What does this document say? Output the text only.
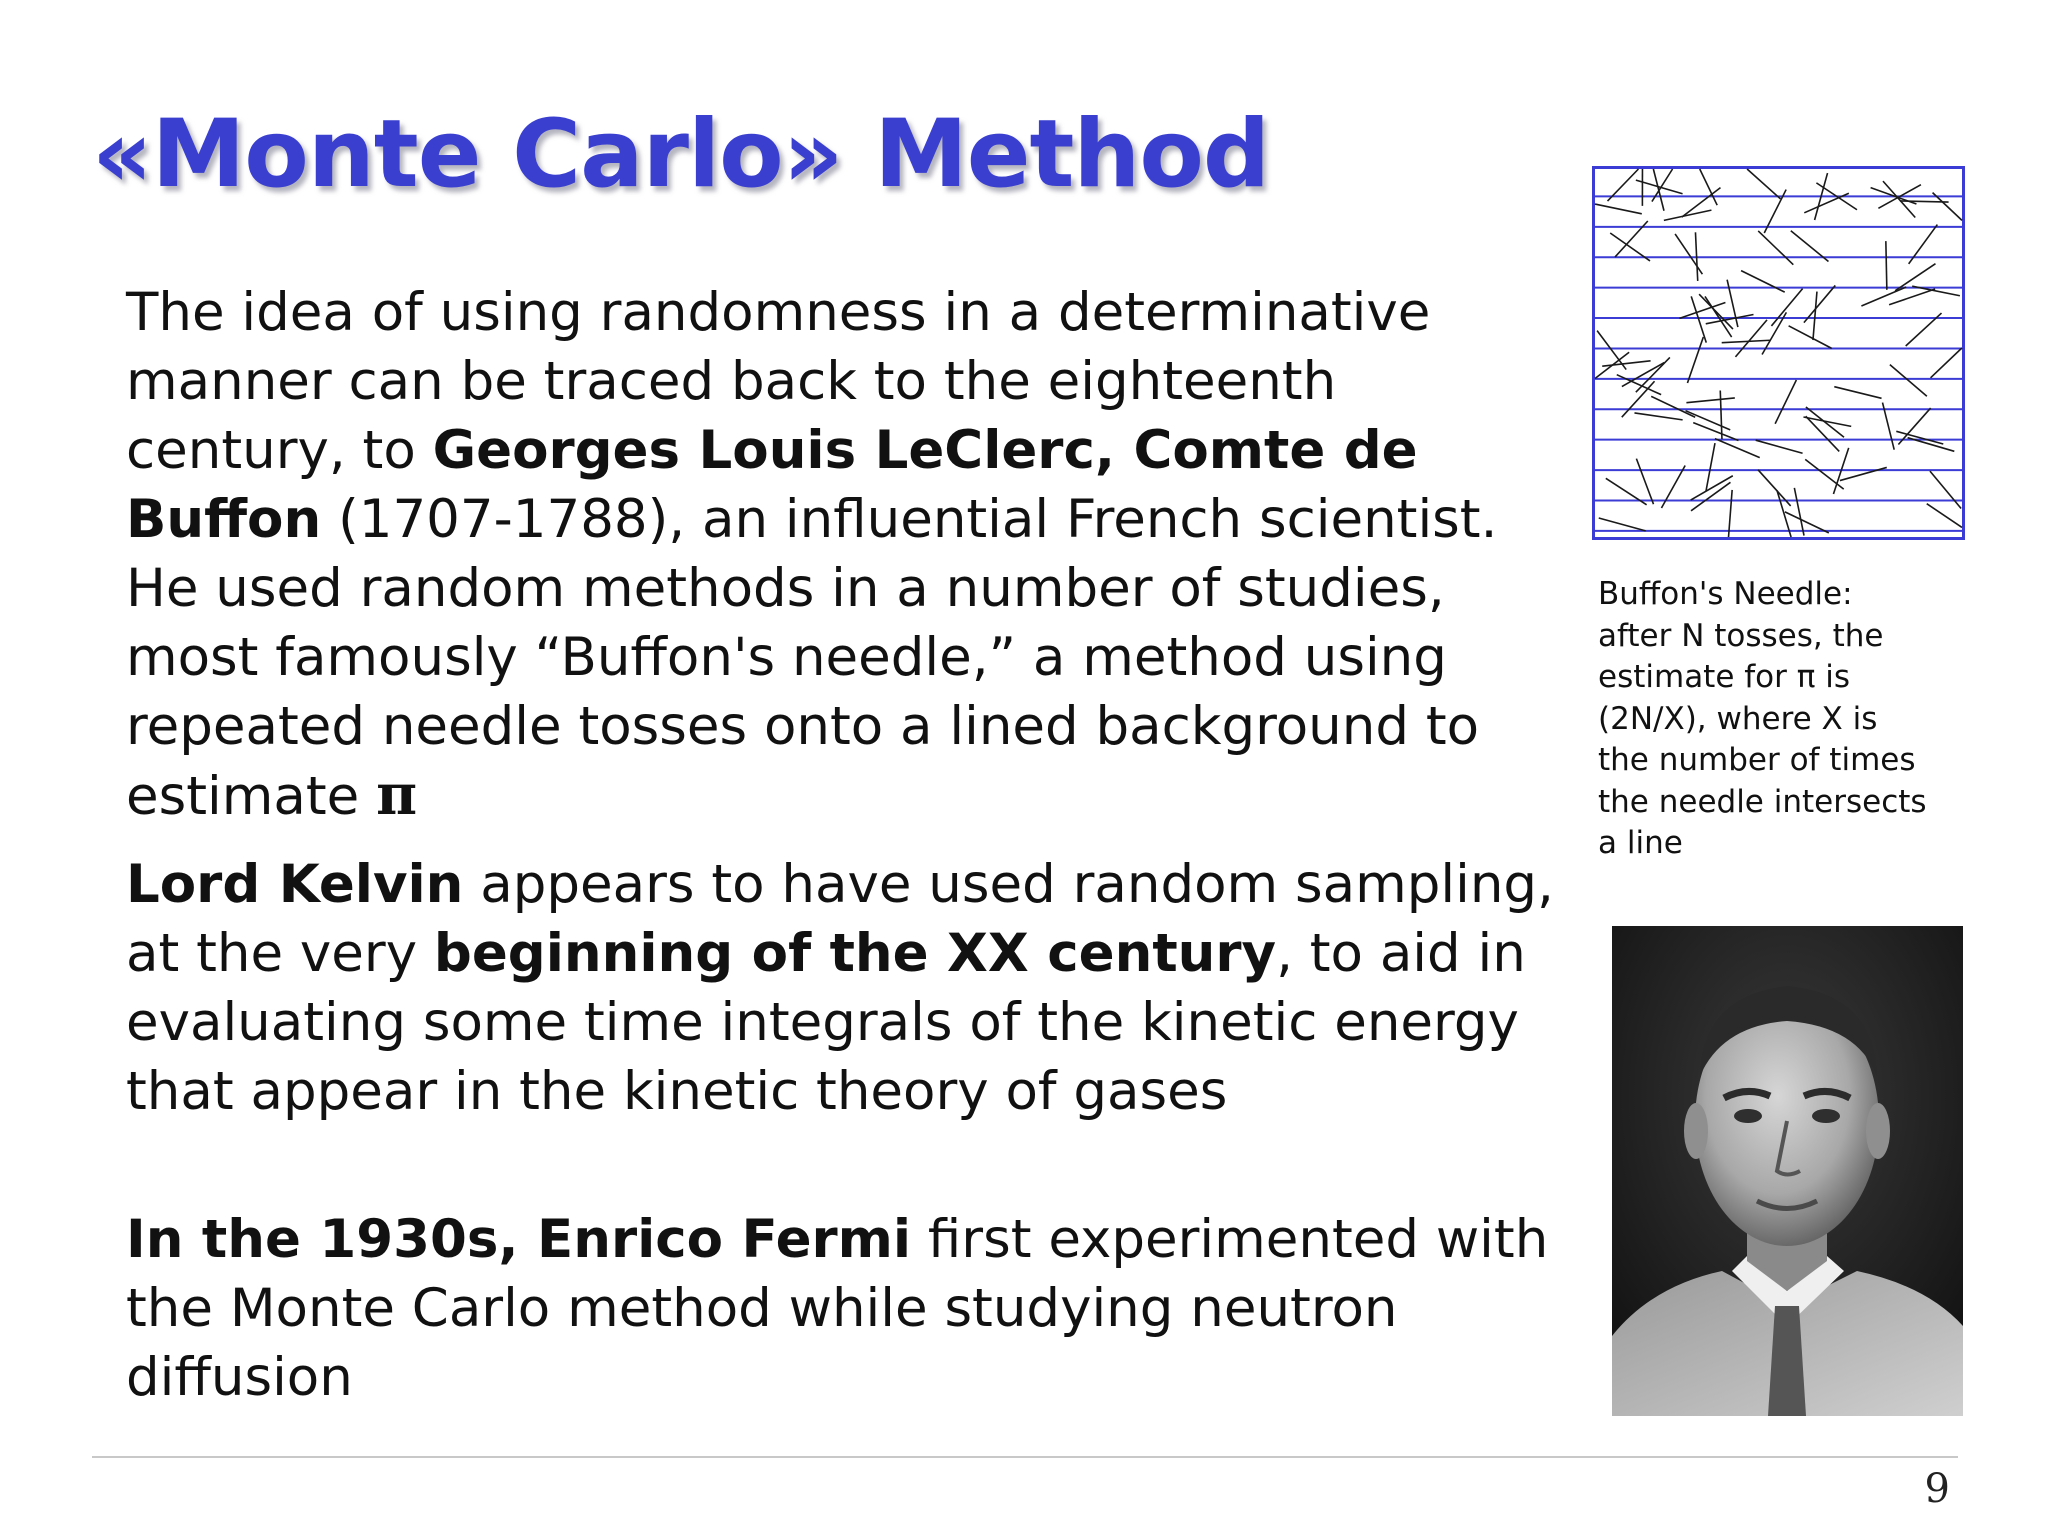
«Monte Carlo» Method
The idea of using randomness in a determinative manner can be traced back to the eighteenth century, to Georges Louis LeClerc, Comte de Buffon (1707-1788), an influential French scientist. He used random methods in a number of studies, most famously “Buffon's needle,” a method using repeated needle tosses onto a lined background to estimate π
Lord Kelvin appears to have used random sampling, at the very beginning of the XX century, to aid in evaluating some time integrals of the kinetic energy that appear in the kinetic theory of gases
In the 1930s, Enrico Fermi first experimented with the Monte Carlo method while studying neutron diffusion
Buffon's Needle:
after N tosses, the
estimate for π is
(2N/X), where X is
the number of times
the needle intersects
a line
9
